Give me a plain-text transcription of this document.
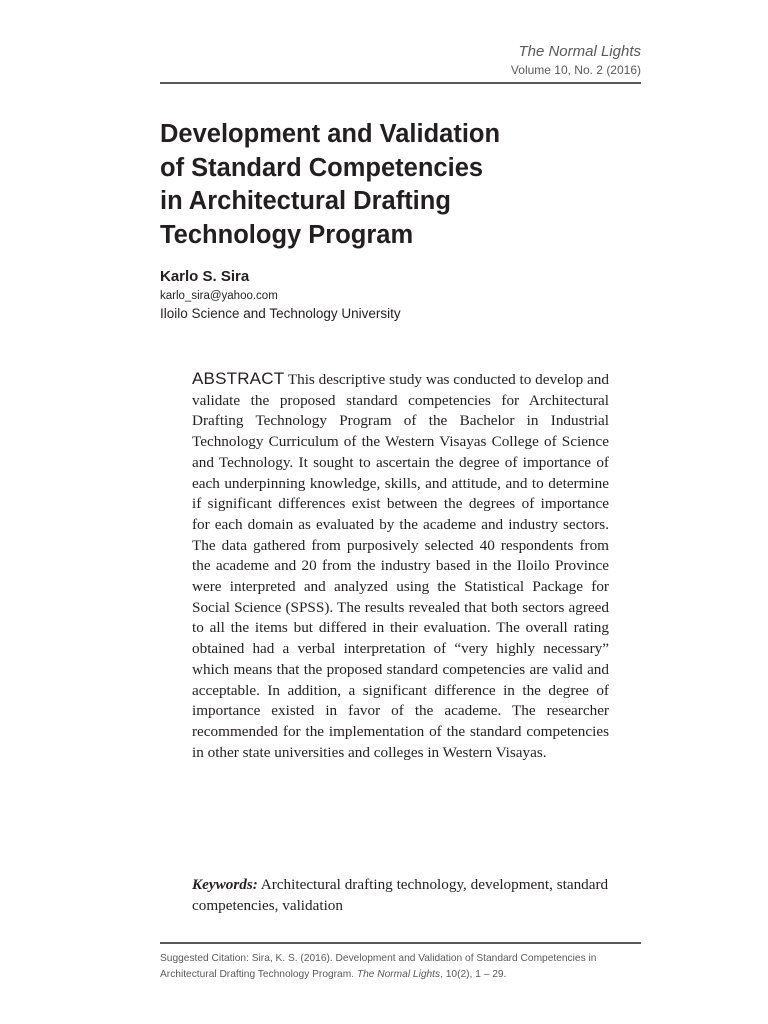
The Normal Lights
Volume 10, No. 2 (2016)
Development and Validation
of Standard Competencies
in Architectural Drafting
Technology Program
Karlo S. Sira
karlo_sira@yahoo.com
Iloilo Science and Technology University

ABSTRACT This descriptive study was conducted to develop and validate the proposed standard competencies for Architectural Drafting Technology Program of the Bachelor in Industrial Technology Curriculum of the Western Visayas College of Science and Technology. It sought to ascertain the degree of importance of each underpinning knowledge, skills, and attitude, and to determine if significant differences exist between the degrees of importance for each domain as evaluated by the academe and industry sectors. The data gathered from purposively selected 40 respondents from the academe and 20 from the industry based in the Iloilo Province were interpreted and analyzed using the Statistical Package for Social Science (SPSS). The results revealed that both sectors agreed to all the items but differed in their evaluation. The overall rating obtained had a verbal interpretation of “very highly necessary” which means that the proposed standard competencies are valid and acceptable. In addition, a significant difference in the degree of importance existed in favor of the academe. The researcher recommended for the implementation of the standard competencies in other state universities and colleges in Western Visayas.

Keywords: Architectural drafting technology, development, standard competencies, validation

Suggested Citation: Sira, K. S. (2016). Development and Validation of Standard Competencies in
Architectural Drafting Technology Program. The Normal Lights, 10(2), 1 – 29.
